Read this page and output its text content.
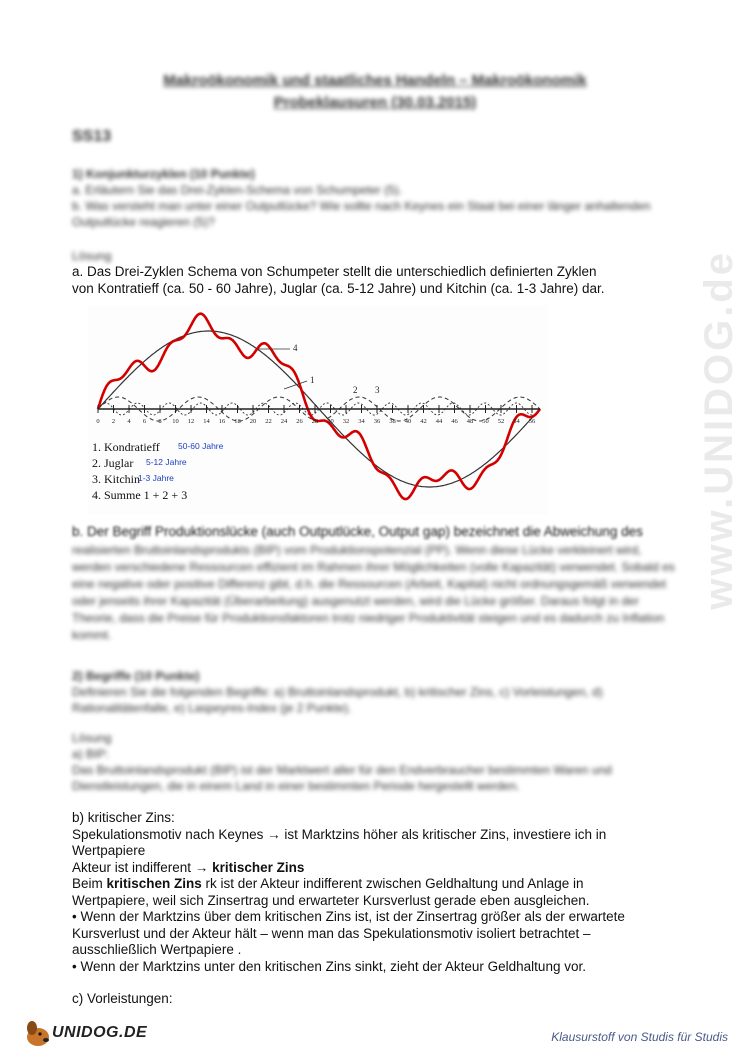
www.UNIDOG.de
Makroökonomik und staatliches Handeln – Makroökonomik
Probeklausuren (30.03.2015)
SS13
1) Konjunkturzyklen (10 Punkte)
a. Erläutern Sie das Drei-Zyklen-Schema von Schumpeter (5).
b. Was versteht man unter einer Outputlücke? Wie sollte nach Keynes ein Staat bei einer länger anhaltenden Outputlücke reagieren (5)?
Lösung

a. Das Drei-Zyklen Schema von Schumpeter stellt die unterschiedlich definierten Zyklen

von Kontratieff (ca. 50 - 60 Jahre), Juglar (ca. 5-12 Jahre) und Kitchin (ca. 1-3 Jahre) dar.

0 2 4 6 8 10 12 14 16 18 20 22 24 26 28 30 32 34 36 38 40 42 44 46 48 50 52 54 56
1. Kondratieff 50-60 Jahre
2. Juglar 5-12 Jahre
3. Kitchin
1-3 Jahre
4. Summe 1 + 2 + 3
4
1
2 3
b. Der Begriff Produktionslücke (auch Outputlücke, Output gap) bezeichnet die Abweichung des
realisierten Bruttoinlandsprodukts (BIP) vom Produktionspotenzial (PP). Wenn diese Lücke verkleinert wird, werden verschiedene Ressourcen effizient im Rahmen ihrer Möglichkeiten (volle Kapazität) verwendet. Sobald es eine negative oder positive Differenz gibt, d.h. die Ressourcen (Arbeit, Kapital) nicht ordnungsgemäß verwendet oder jenseits ihrer Kapazität (Überarbeitung) ausgenutzt werden, wird die Lücke größer. Daraus folgt in der Theorie, dass die Preise für Produktionsfaktoren trotz niedriger Produktivität steigen und es dadurch zu Inflation kommt.
2) Begriffe (10 Punkte)
Definieren Sie die folgenden Begriffe: a) Bruttoinlandsprodukt, b) kritischer Zins, c) Vorleistungen, d) Rationalitätenfalle, e) Laspeyres-Index (je 2 Punkte).
Lösung
a) BIP:
Das Bruttoinlandsprodukt (BIP) ist der Marktwert aller für den Endverbraucher bestimmten Waren und Dienstleistungen, die in einem Land in einer bestimmten Periode hergestellt werden.

b) kritischer Zins:

Spekulationsmotiv nach Keynes → ist Marktzins höher als kritischer Zins, investiere ich in

Wertpapiere

Akteur ist indifferent → kritischer Zins

Beim kritischen Zins rk ist der Akteur indifferent zwischen Geldhaltung und Anlage in

Wertpapiere, weil sich Zinsertrag und erwarteter Kursverlust gerade eben ausgleichen.

• Wenn der Marktzins über dem kritischen Zins ist, ist der Zinsertrag größer als der erwartete

Kursverlust und der Akteur hält – wenn man das Spekulationsmotiv isoliert betrachtet –

ausschließlich Wertpapiere .

• Wenn der Marktzins unter den kritischen Zins sinkt, zieht der Akteur Geldhaltung vor.

c) Vorleistungen:

UNIDOG.DE	Klausurstoff von Studis für Studis
